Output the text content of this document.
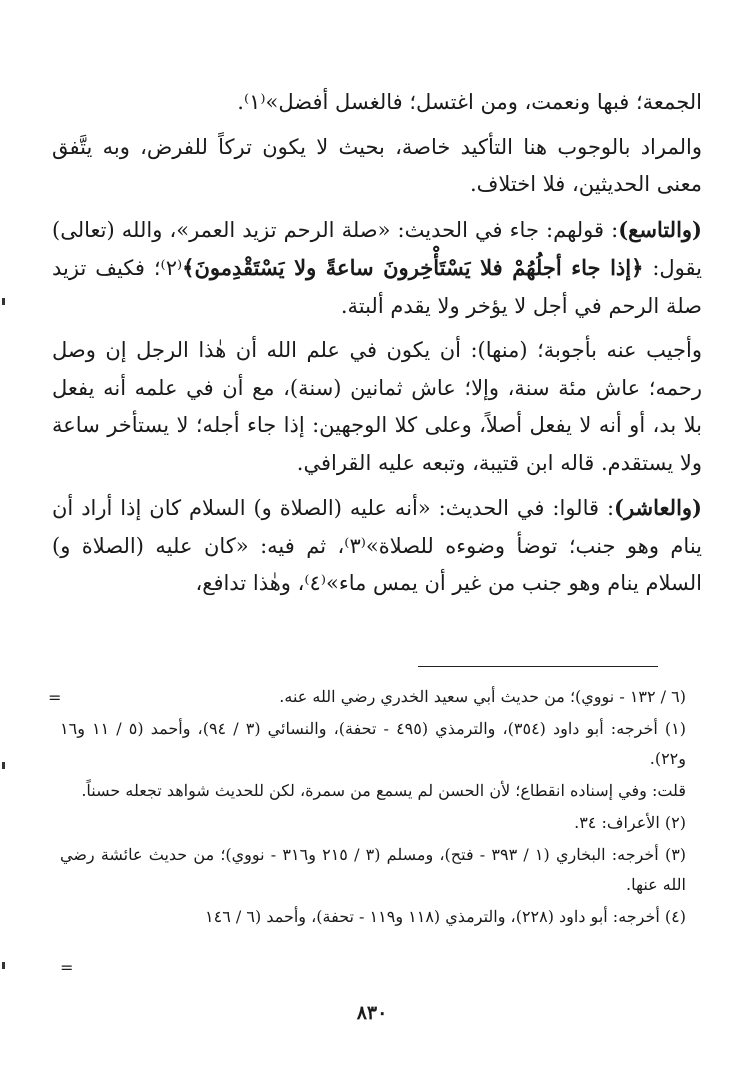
الجمعة؛ فبها ونعمت، ومن اغتسل؛ فالغسل أفضل»⁽١⁾.

والمراد بالوجوب هنا التأكيد خاصة، بحيث لا يكون تركاً للفرض، وبه يتَّفق معنى الحديثين، فلا اختلاف.

(والتاسع): قولهم: جاء في الحديث: «صلة الرحم تزيد العمر»، والله (تعالى) يقول: ﴿إذا جاء أجلُهُمْ فلا يَسْتَأْخِرونَ ساعةً ولا يَسْتَقْدِمونَ﴾⁽٢⁾؛ فكيف تزيد صلة الرحم في أجل لا يؤخر ولا يقدم ألبتة.

وأجيب عنه بأجوبة؛ (منها): أن يكون في علم الله أن هٰذا الرجل إن وصل رحمه؛ عاش مئة سنة، وإلا؛ عاش ثمانين (سنة)، مع أن في علمه أنه يفعل بلا بد، أو أنه لا يفعل أصلاً، وعلى كلا الوجهين: إذا جاء أجله؛ لا يستأخر ساعة ولا يستقدم. قاله ابن قتيبة، وتبعه عليه القرافي.

(والعاشر): قالوا: في الحديث: «أنه عليه (الصلاة و) السلام كان إذا أراد أن ينام وهو جنب؛ توضأ وضوءه للصلاة»⁽٣⁾، ثم فيه: «كان عليه (الصلاة و) السلام ينام وهو جنب من غير أن يمس ماء»⁽٤⁾، وهٰذا تدافع،

=	(٦ / ١٣٢ - نووي)؛ من حديث أبي سعيد الخدري رضي الله عنه.

(١) أخرجه: أبو داود (٣٥٤)، والترمذي (٤٩٥ - تحفة)، والنسائي (٣ / ٩٤)، وأحمد (٥ / ١١ و١٦ و٢٢).

قلت: وفي إسناده انقطاع؛ لأن الحسن لم يسمع من سمرة، لكن للحديث شواهد تجعله حسناً.

(٢) الأعراف: ٣٤.

(٣) أخرجه: البخاري (١ / ٣٩٣ - فتح)، ومسلم (٣ / ٢١٥ و٣١٦ - نووي)؛ من حديث عائشة رضي الله عنها.

(٤) أخرجه: أبو داود (٢٢٨)، والترمذي (١١٨ و١١٩ - تحفة)، وأحمد (٦ / ١٤٦

=
٨٣٠
